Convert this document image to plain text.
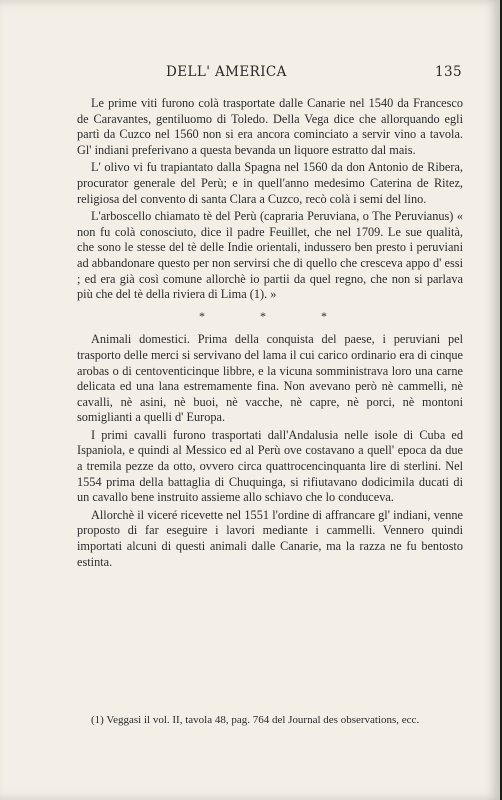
DELL' AMERICA	135

Le prime viti furono colà trasportate dalle Canarie nel 1540 da Francesco de Caravantes, gentiluomo di Toledo. Della Vega dice che allorquando egli partì da Cuzco nel 1560 non si era ancora cominciato a servir vino a tavola. Gl' indiani preferivano a questa bevanda un liquore estratto dal mais.

L' olivo vi fu trapiantato dalla Spagna nel 1560 da don Antonio de Ribera, procurator generale del Perù; e in quell'anno medesimo Caterina de Ritez, religiosa del convento di santa Clara a Cuzco, recò colà i semi del lino.

L'arboscello chiamato tè del Perù (capraria Peruviana, o The Peruvianus) « non fu colà conosciuto, dice il padre Feuillet, che nel 1709. Le sue qualità, che sono le stesse del tè delle Indie orientali, indussero ben presto i peruviani ad abbandonare questo per non servirsi che di quello che cresceva appo d' essi ; ed era già così comune allorchè io partii da quel regno, che non si parlava più che del tè della riviera di Lima (1). »

* * *

Animali domestici. Prima della conquista del paese, i peruviani pel trasporto delle merci si servivano del lama il cui carico ordinario era di cinque arobas o di centoventicinque libbre, e la vicuna somministrava loro una carne delicata ed una lana estremamente fina. Non avevano però nè cammelli, nè cavalli, nè asini, nè buoi, nè vacche, nè capre, nè porci, nè montoni somiglianti a quelli d' Europa.

I primi cavalli furono trasportati dall'Andalusia nelle isole di Cuba ed Ispaniola, e quindi al Messico ed al Perù ove costavano a quell' epoca da due a tremila pezze da otto, ovvero circa quattrocencinquanta lire di sterlini. Nel 1554 prima della battaglia di Chuquinga, si rifiutavano dodicimila ducati di un cavallo bene instruito assieme allo schiavo che lo conduceva.

Allorchè il viceré ricevette nel 1551 l'ordine di affrancare gl' indiani, venne proposto di far eseguire i lavori mediante i cammelli. Vennero quindi importati alcuni di questi animali dalle Canarie, ma la razza ne fu bentosto estinta.

(1) Veggasi il vol. II, tavola 48, pag. 764 del Journal des observations, ecc.
